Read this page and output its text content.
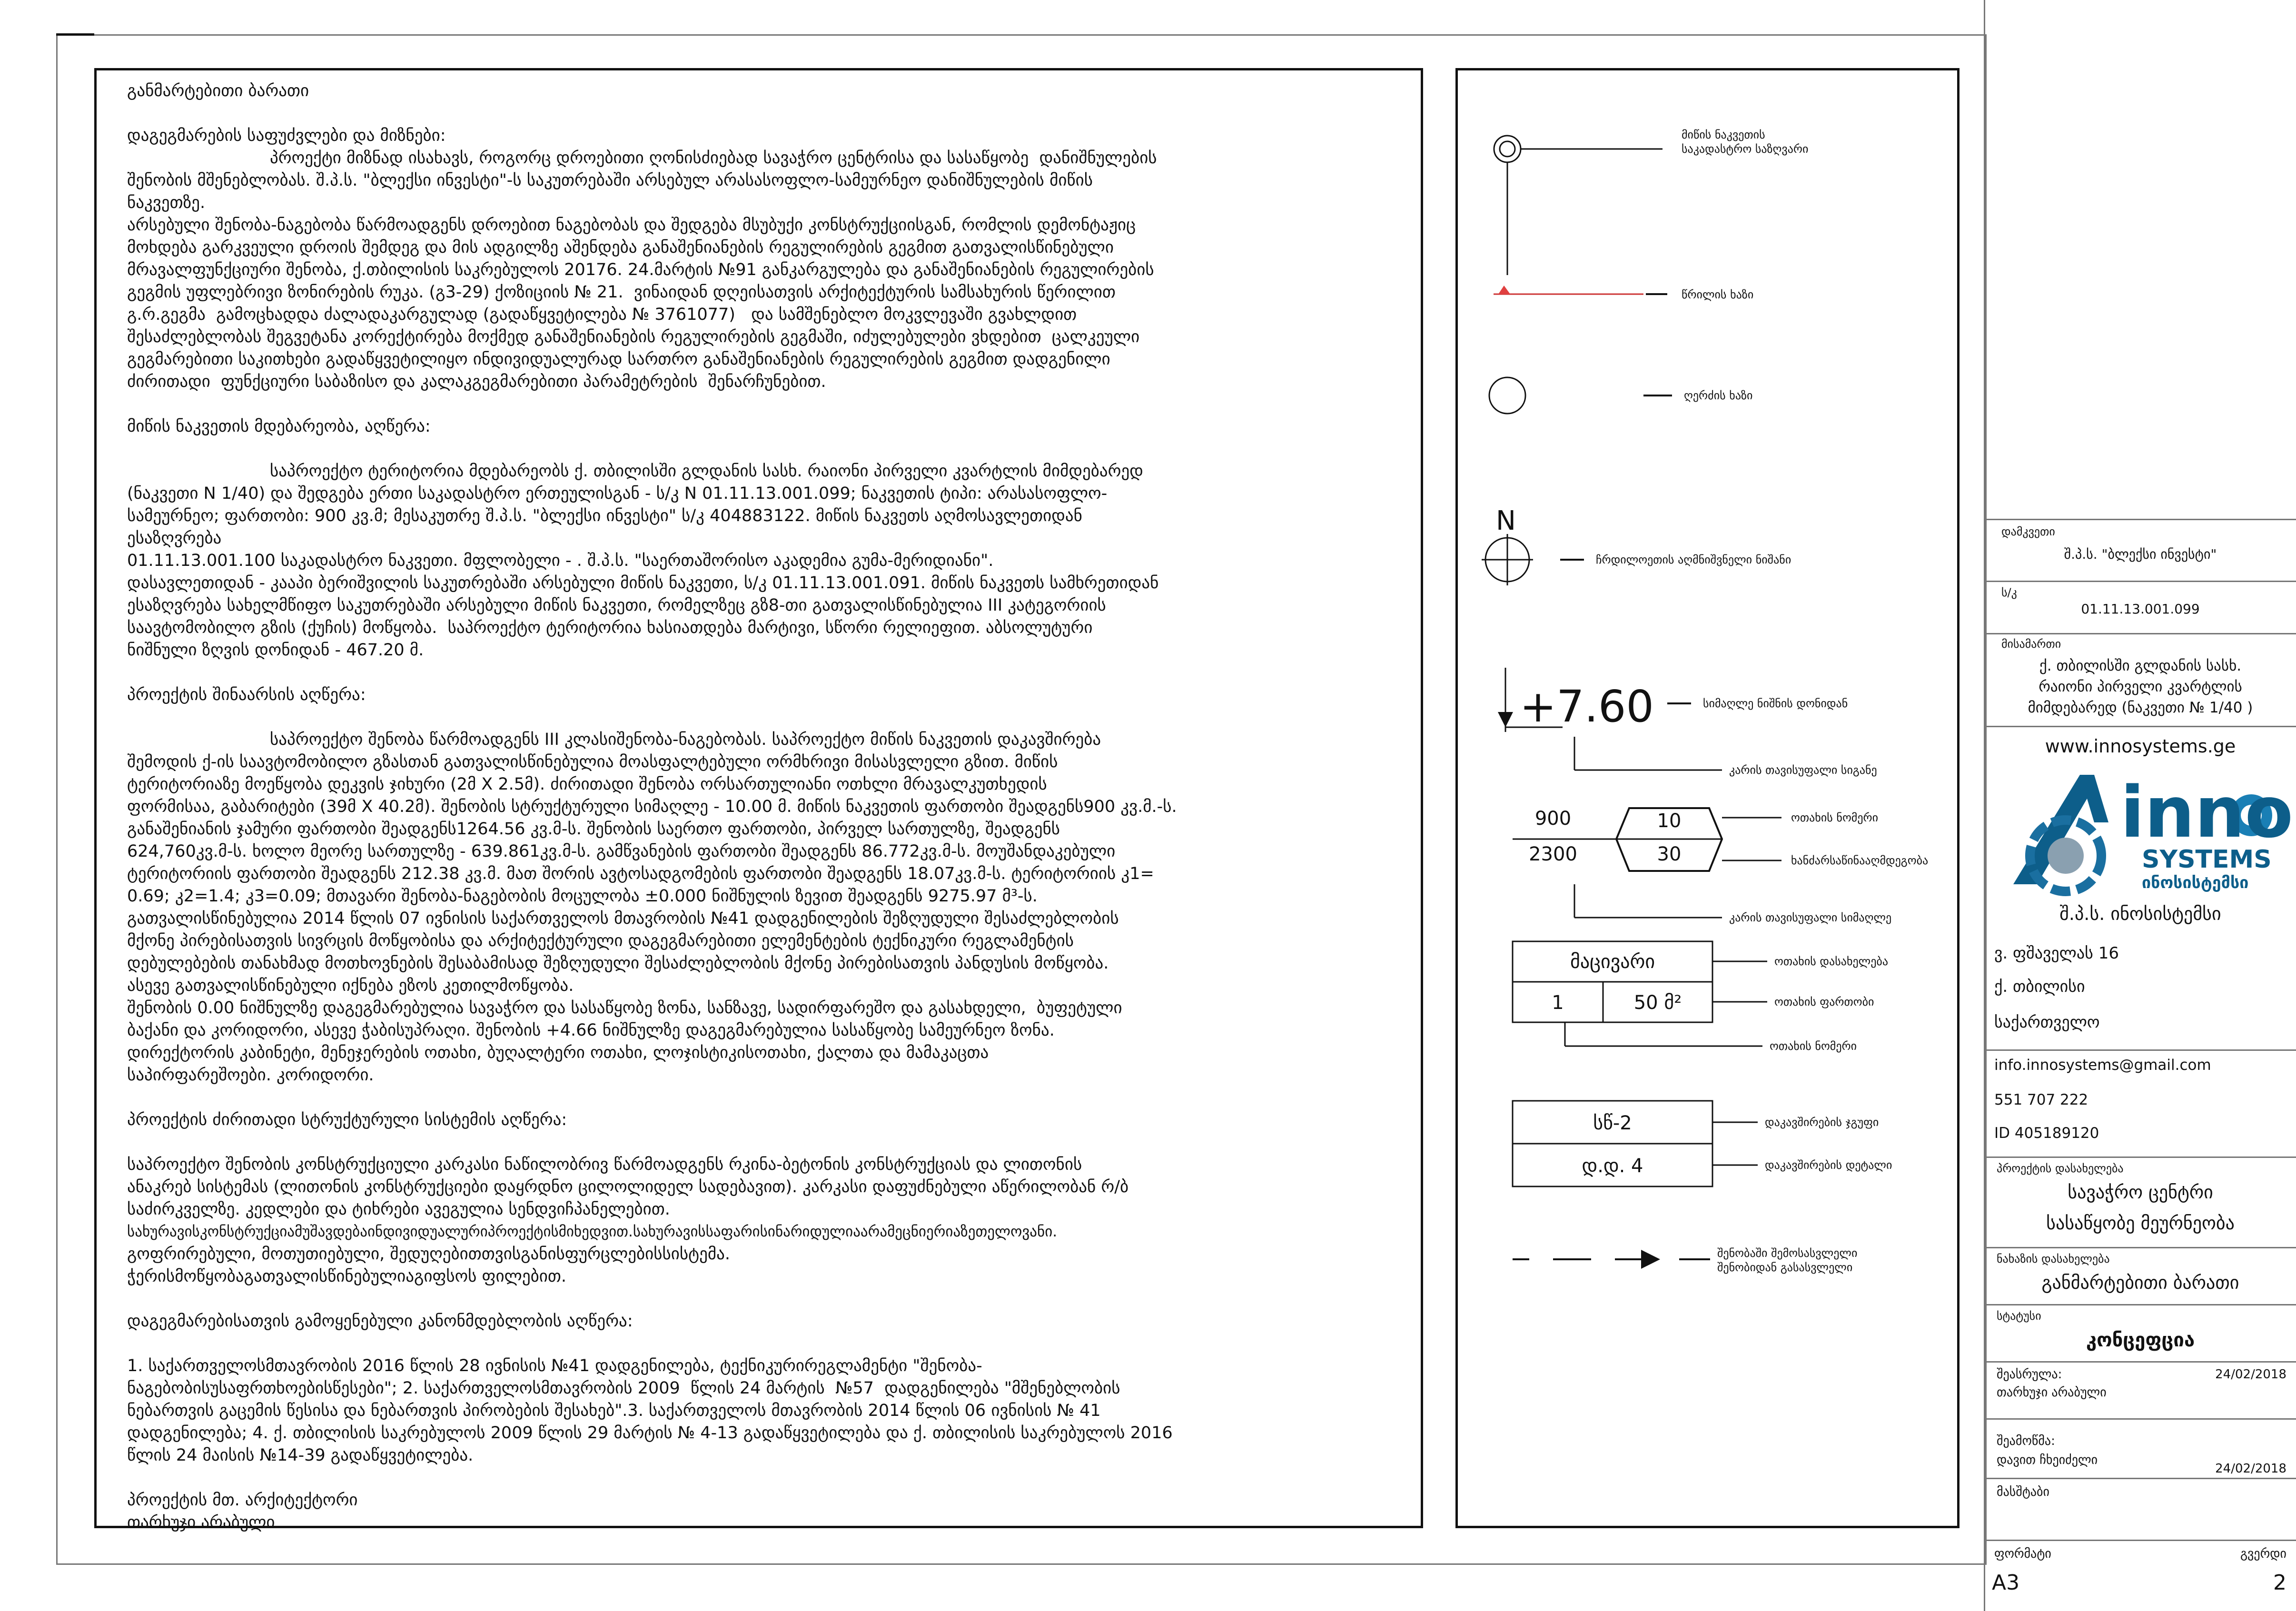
განმარტებითი ბარათი

დაგეგმარების საფუძვლები და მიზნები:

პროექტი მიზნად ისახავს, როგორც დროებითი ღონისძიებად სავაჭრო ცენტრისა და სასაწყობე  დანიშნულების

შენობის მშენებლობას. შ.პ.ს. "ბლექსი ინვესტი"-ს საკუთრებაში არსებულ არასასოფლო-სამეურნეო დანიშნულების მიწის

ნაკვეთზე.

არსებული შენობა-ნაგებობა წარმოადგენს დროებით ნაგებობას და შედგება მსუბუქი კონსტრუქციისგან, რომლის დემონტაჟიც

მოხდება გარკვეული დროის შემდეგ და მის ადგილზე აშენდება განაშენიანების რეგულირების გეგმით გათვალისწინებული

მრავალფუნქციური შენობა, ქ.თბილისის საკრებულოს 20176. 24.მარტის №91 განკარგულება და განაშენიანების რეგულირების

გეგმის უფლებრივი ზონირების რუკა. (გ3-29) ქოზიციის № 21.  ვინაიდან დღეისათვის არქიტექტურის სამსახურის წერილით

გ.რ.გეგმა  გამოცხადდა ძალადაკარგულად (გადაწყვეტილება № 3761077)   და სამშენებლო მოკვლევაში გვახლდით

შესაძლებლობას შეგვეტანა კორექტირება მოქმედ განაშენიანების რეგულირების გეგმაში, იძულებულები ვხდებით  ცალკეული

გეგმარებითი საკითხები გადაწყვეტილიყო ინდივიდუალურად სართრო განაშენიანების რეგულირების გეგმით დადგენილი

ძირითადი  ფუნქციური საბაზისო და კალაკგეგმარებითი პარამეტრების  შენარჩუნებით.

მიწის ნაკვეთის მდებარეობა, აღწერა:

საპროექტო ტერიტორია მდებარეობს ქ. თბილისში გლდანის სასხ. რაიონი პირველი კვარტლის მიმდებარედ

(ნაკვეთი N 1/40) და შედგება ერთი საკადასტრო ერთეულისგან - ს/კ N 01.11.13.001.099; ნაკვეთის ტიპი: არასასოფლო-

სამეურნეო; ფართობი: 900 კვ.მ; მესაკუთრე შ.პ.ს. "ბლექსი ინვესტი" ს/კ 404883122. მიწის ნაკვეთს აღმოსავლეთიდან

ესაზღვრება

01.11.13.001.100 საკადასტრო ნაკვეთი. მფლობელი - . შ.პ.ს. "საერთაშორისო აკადემია გუმა-მერიდიანი".

დასავლეთიდან - კააპი ბერიშვილის საკუთრებაში არსებული მიწის ნაკვეთი, ს/კ 01.11.13.001.091. მიწის ნაკვეთს სამხრეთიდან

ესაზღვრება სახელმწიფო საკუთრებაში არსებული მიწის ნაკვეთი, რომელზეც გზ8-თი გათვალისწინებულია III კატეგორიის

საავტომობილო გზის (ქუჩის) მოწყობა.  საპროექტო ტერიტორია ხასიათდება მარტივი, სწორი რელიეფით. აბსოლუტური

ნიშნული ზღვის დონიდან - 467.20 მ.

პროექტის შინაარსის აღწერა:

საპროექტო შენობა წარმოადგენს III კლასიშენობა-ნაგებობას. საპროექტო მიწის ნაკვეთის დაკავშირება

შემოდის ქ-ის საავტომობილო გზასთან გათვალისწინებულია მოასფალტებული ორმხრივი მისასვლელი გზით. მიწის

ტერიტორიაზე მოეწყობა დეკვის ჯიხური (2მ X 2.5მ). ძირითადი შენობა ორსართულიანი ოთხლი მრავალკუთხედის

ფორმისაა, გაბარიტები (39მ X 40.2მ). შენობის სტრუქტურული სიმაღლე - 10.00 მ. მიწის ნაკვეთის ფართობი შეადგენს900 კვ.მ.-ს.

განაშენიანის ჯამური ფართობი შეადგენს1264.56 კვ.მ-ს. შენობის საერთო ფართობი, პირველ სართულზე, შეადგენს

624,760კვ.მ-ს. ხოლო მეორე სართულზე - 639.861კვ.მ-ს. გამწვანების ფართობი შეადგენს 86.772კვ.მ-ს. მოუშანდაკებული

ტერიტორიის ფართობი შეადგენს 212.38 კვ.მ. მათ შორის ავტოსადგომების ფართობი შეადგენს 18.07კვ.მ-ს. ტერიტორიის კ1=

0.69; კ2=1.4; კ3=0.09; მთავარი შენობა-ნაგებობის მოცულობა ±0.000 ნიშნულის ზევით შეადგენს 9275.97 მ³-ს.

გათვალისწინებულია 2014 წლის 07 ივნისის საქართველოს მთავრობის №41 დადგენილების შეზღუდული შესაძლებლობის

მქონე პირებისათვის სივრცის მოწყობისა და არქიტექტურული დაგეგმარებითი ელემენტების ტექნიკური რეგლამენტის

დებულებების თანახმად მოთხოვნების შესაბამისად შეზღუდული შესაძლებლობის მქონე პირებისათვის პანდუსის მოწყობა.

ასევე გათვალისწინებული იქნება ეზოს კეთილმოწყობა.

შენობის 0.00 ნიშნულზე დაგეგმარებულია სავაჭრო და სასაწყობე ზონა, სანზავე, სადირფარეშო და გასახდელი,  ბუფეტული

ბაქანი და კორიდორი, ასევე ჭაბისუპრაღი. შენობის +4.66 ნიშნულზე დაგეგმარებულია სასაწყობე სამეურნეო ზონა.

დირექტორის კაბინეტი, მენეჯერების ოთახი, ბუღალტერი ოთახი, ლოჯისტიკისოთახი, ქალთა და მამაკაცთა

საპირფარეშოები. კორიდორი.

პროექტის ძირითადი სტრუქტურული სისტემის აღწერა:

საპროექტო შენობის კონსტრუქციული კარკასი ნაწილობრივ წარმოადგენს რკინა-ბეტონის კონსტრუქციას და ლითონის

ანაკრებ სისტემას (ლითონის კონსტრუქციები დაყრდნო ცილოლიდელ სადებავით). კარკასი დაფუძნებული აწერილობან რ/ბ

საძირკველზე. კედლები და ტიხრები ავეგულია სენდვიჩპანელებით.

სახურავისკონსტრუქციამუშავდებაინდივიდუალურიპროექტისმიხედვით.სახურავისსაფარისინარიდულიაარამეცნიერიაზეთელოვანი.

გოფრირებული, მოთუთიებული, შედუღებითთვისგანისფურცლებისსისტემა.

ჭერისმოწყობაგათვალისწინებულიაგიფსოს ფილებით.

დაგეგმარებისათვის გამოყენებული კანონმდებლობის აღწერა:

1. საქართველოსმთავრობის 2016 წლის 28 ივნისის №41 დადგენილება, ტექნიკურირეგლამენტი "შენობა-

ნაგებობისუსაფრთხოებისწესები"; 2. საქართველოსმთავრობის 2009  წლის 24 მარტის  №57  დადგენილება "მშენებლობის

ნებართვის გაცემის წესისა და ნებართვის პირობების შესახებ".3. საქართველოს მთავრობის 2014 წლის 06 ივნისის № 41

დადგენილება; 4. ქ. თბილისის საკრებულოს 2009 წლის 29 მარტის № 4-13 გადაწყვეტილება და ქ. თბილისის საკრებულოს 2016

წლის 24 მაისის №14-39 გადაწყვეტილება.

პროექტის მთ. არქიტექტორი

თარხუჯი არაბული

N
+7.60
900
2300
10
30
მაცივარი
1	50 მ²
სწ-2
დ.დ. 4
მიწის ნაკვეთის
საკადასტრო საზღვარი
წრილის ხაზი
ღერძის ხაზი
ჩრდილოეთის აღმნიშვნელი ნიშანი
სიმაღლე ნიშნის დონიდან
კარის თავისუფალი სიგანე
ოთახის ნომერი
ხანძარსაწინააღმდეგობა
კარის თავისუფალი სიმაღლე
ოთახის დასახელება
ოთახის ფართობი
ოთახის ნომერი
დაკავშირების ჯგუფი
დაკავშირების დეტალი
შენობაში შემოსასვლელი
შენობიდან გასასვლელი
დამკვეთი
შ.პ.ს. "ბლექსი ინვესტი"
ს/კ
01.11.13.001.099
მისამართი
ქ. თბილისში გლდანის სასხ.
რაიონი პირველი კვარტლის
მიმდებარედ (ნაკვეთი № 1/40 )
www.innosystems.ge
inno
SYSTEMS
ინოსისტემსი
შ.პ.ს. ინოსისტემსი
ვ. ფშაველას 16
ქ. თბილისი
საქართველო
info.innosystems@gmail.com
551 707 222
ID 405189120
პროექტის დასახელება
სავაჭრო ცენტრი
სასაწყობე მეურნეობა
ნახაზის დასახელება
განმარტებითი ბარათი
სტატუსი
კონცეფცია
შეასრულა:	24/02/2018
თარხუჯი არაბული
შეამოწმა:
დავით ჩხეიძელი
24/02/2018
მასშტაბი
ფორმატი	გვერდი
A3	2
